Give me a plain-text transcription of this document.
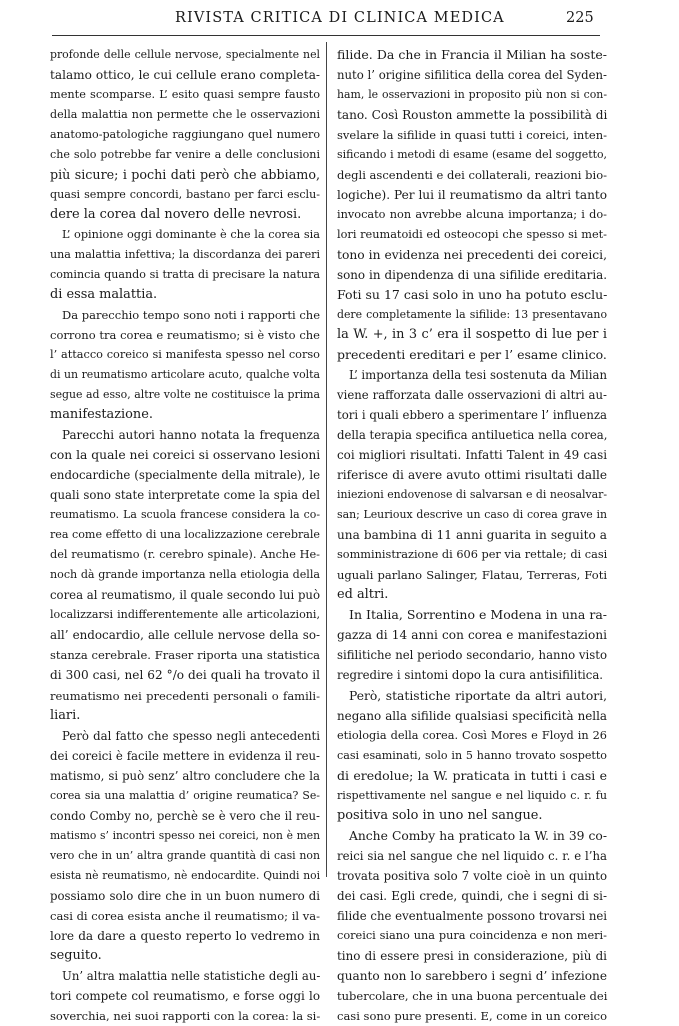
RIVISTA CRITICA DI CLINICA MEDICA	225
profonde delle cellule nervose, specialmente nel
talamo ottico, le cui cellule erano completa-
mente scomparse. L’ esito quasi sempre fausto
della malattia non permette che le osservazioni
anatomo-patologiche raggiungano quel numero
che solo potrebbe far venire a delle conclusioni
più sicure; i pochi dati però che abbiamo,
quasi sempre concordi, bastano per farci esclu-
dere la corea dal novero delle nevrosi.
L’ opinione oggi dominante è che la corea sia
una malattia infettiva; la discordanza dei pareri
comincia quando si tratta di precisare la natura
di essa malattia.
Da parecchio tempo sono noti i rapporti che
corrono tra corea e reumatismo; si è visto che
l’ attacco coreico si manifesta spesso nel corso
di un reumatismo articolare acuto, qualche volta
segue ad esso, altre volte ne costituisce la prima
manifestazione.
Parecchi autori hanno notata la frequenza
con la quale nei coreici si osservano lesioni
endocardiche (specialmente della mitrale), le
quali sono state interpretate come la spia del
reumatismo. La scuola francese considera la co-
rea come effetto di una localizzazione cerebrale
del reumatismo (r. cerebro spinale). Anche He-
noch dà grande importanza nella etiologia della
corea al reumatismo, il quale secondo lui può
localizzarsi indifferentemente alle articolazioni,
all’ endocardio, alle cellule nervose della so-
stanza cerebrale. Fraser riporta una statistica
di 300 casi, nel 62 °/o dei quali ha trovato il
reumatismo nei precedenti personali o famili-
liari.
Però dal fatto che spesso negli antecedenti
dei coreici è facile mettere in evidenza il reu-
matismo, si può senz’ altro concludere che la
corea sia una malattia d’ origine reumatica? Se-
condo Comby no, perchè se è vero che il reu-
matismo s’ incontri spesso nei coreici, non è men
vero che in un’ altra grande quantità di casi non
esista nè reumatismo, nè endocardite. Quindi noi
possiamo solo dire che in un buon numero di
casi di corea esista anche il reumatismo; il va-
lore da dare a questo reperto lo vedremo in
seguito.
Un’ altra malattia nelle statistiche degli au-
tori compete col reumatismo, e forse oggi lo
soverchia, nei suoi rapporti con la corea: la si-
filide. Da che in Francia il Milian ha soste-
nuto l’ origine sifilitica della corea del Syden-
ham, le osservazioni in proposito più non si con-
tano. Così Rouston ammette la possibilità di
svelare la sifilide in quasi tutti i coreici, inten-
sificando i metodi di esame (esame del soggetto,
degli ascendenti e dei collaterali, reazioni bio-
logiche). Per lui il reumatismo da altri tanto
invocato non avrebbe alcuna importanza; i do-
lori reumatoidi ed osteocopi che spesso si met-
tono in evidenza nei precedenti dei coreici,
sono in dipendenza di una sifilide ereditaria.
Foti su 17 casi solo in uno ha potuto esclu-
dere completamente la sifilide: 13 presentavano
la W. +, in 3 c’ era il sospetto di lue per i
precedenti ereditari e per l’ esame clinico.
L’ importanza della tesi sostenuta da Milian
viene rafforzata dalle osservazioni di altri au-
tori i quali ebbero a sperimentare l’ influenza
della terapia specifica antiluetica nella corea,
coi migliori risultati. Infatti Talent in 49 casi
riferisce di avere avuto ottimi risultati dalle
iniezioni endovenose di salvarsan e di neosalvar-
san; Leurioux descrive un caso di corea grave in
una bambina di 11 anni guarita in seguito a
somministrazione di 606 per via rettale; di casi
uguali parlano Salinger, Flatau, Terreras, Foti
ed altri.
In Italia, Sorrentino e Modena in una ra-
gazza di 14 anni con corea e manifestazioni
sifilitiche nel periodo secondario, hanno visto
regredire i sintomi dopo la cura antisifilitica.
Però, statistiche riportate da altri autori,
negano alla sifilide qualsiasi specificità nella
etiologia della corea. Così Mores e Floyd in 26
casi esaminati, solo in 5 hanno trovato sospetto
di eredolue; la W. praticata in tutti i casi e
rispettivamente nel sangue e nel liquido c. r. fu
positiva solo in uno nel sangue.
Anche Comby ha praticato la W. in 39 co-
reici sia nel sangue che nel liquido c. r. e l’ha
trovata positiva solo 7 volte cioè in un quinto
dei casi. Egli crede, quindi, che i segni di si-
filide che eventualmente possono trovarsi nei
coreici siano una pura coincidenza e non meri-
tino di essere presi in considerazione, più di
quanto non lo sarebbero i segni d’ infezione
tubercolare, che in una buona percentuale dei
casi sono pure presenti. E, come in un coreico
